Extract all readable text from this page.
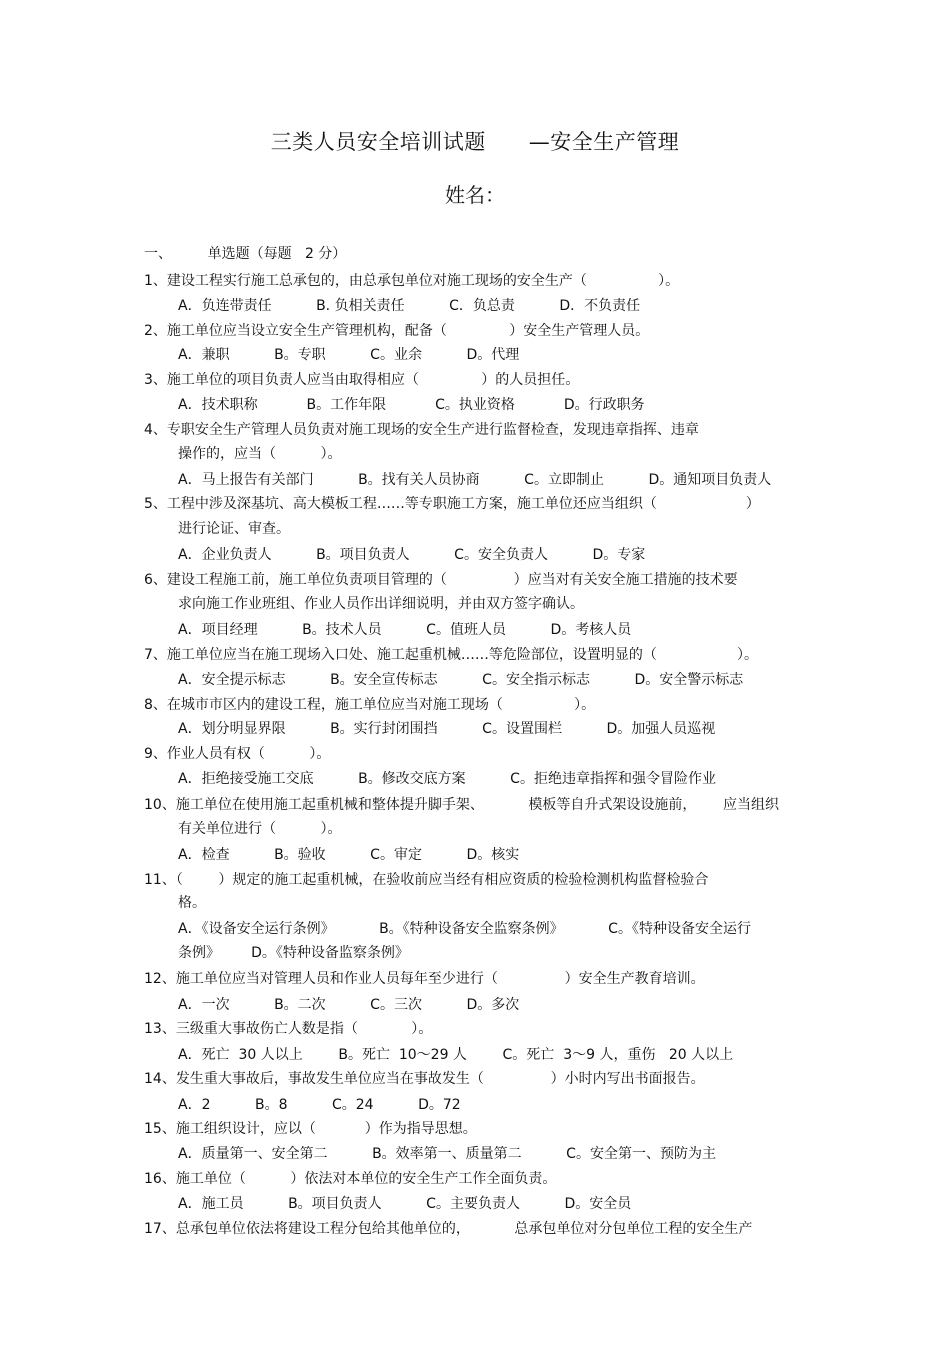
三类人员安全培训试题      —安全生产管理
姓名：
一、        单选题（每题   2 分）
1、建设工程实行施工总承包的，由总承包单位对施工现场的安全生产（                ）。
A．负连带责任          B. 负相关责任          C．负总责          D．不负责任
2、施工单位应当设立安全生产管理机构，配备（              ）安全生产管理人员。
A．兼职          B。专职          C。业余          D。代理
3、施工单位的项目负责人应当由取得相应（              ）的人员担任。
A．技术职称           B。工作年限           C。执业资格           D。行政职务
4、专职安全生产管理人员负责对施工现场的安全生产进行监督检查，发现违章指挥、违章
操作的，应当（          ）。
A．马上报告有关部门          B。找有关人员协商          C。立即制止          D。通知项目负责人
5、工程中涉及深基坑、高大模板工程……等专职施工方案，施工单位还应当组织（                    ）
进行论证、审查。
A．企业负责人          B。项目负责人          C。安全负责人          D。专家
6、建设工程施工前，施工单位负责项目管理的（               ）应当对有关安全施工措施的技术要
求向施工作业班组、作业人员作出详细说明，并由双方签字确认。
A．项目经理          B。技术人员          C。值班人员          D。考核人员
7、施工单位应当在施工现场入口处、施工起重机械……等危险部位，设置明显的（                  ）。
A．安全提示标志          B。安全宣传标志          C。安全指示标志          D。安全警示标志
8、在城市市区内的建设工程，施工单位应当对施工现场（                ）。
A．划分明显界限          B。实行封闭围挡          C。设置围栏          D。加强人员巡视
9、作业人员有权（          ）。
A．拒绝接受施工交底          B。修改交底方案          C。拒绝违章指挥和强令冒险作业
10、施工单位在使用施工起重机械和整体提升脚手架、          模板等自升式架设设施前，      应当组织
有关单位进行（          ）。
A．检查          B。验收          C。审定          D。核实
11、（        ）规定的施工起重机械，在验收前应当经有相应资质的检验检测机构监督检验合
格。
A．《设备安全运行条例》          B。《特种设备安全监察条例》          C。《特种设备安全运行
条例》       D。《特种设备监察条例》
12、施工单位应当对管理人员和作业人员每年至少进行（               ）安全生产教育培训。
A．一次          B。二次          C。三次          D。多次
13、三级重大事故伤亡人数是指（            ）。
A．死亡  30 人以上        B。死亡  10～29 人        C。死亡  3～9 人，重伤   20 人以上
14、发生重大事故后，事故发生单位应当在事故发生（               ）小时内写出书面报告。
A．2          B。8          C。24          D。72
15、施工组织设计，应以（           ）作为指导思想。
A．质量第一、安全第二          B。效率第一、质量第二          C。安全第一、预防为主
16、施工单位（          ）依法对本单位的安全生产工作全面负责。
A．施工员          B。项目负责人          C。主要负责人          D。安全员
17、总承包单位依法将建设工程分包给其他单位的，          总承包单位对分包单位工程的安全生产
